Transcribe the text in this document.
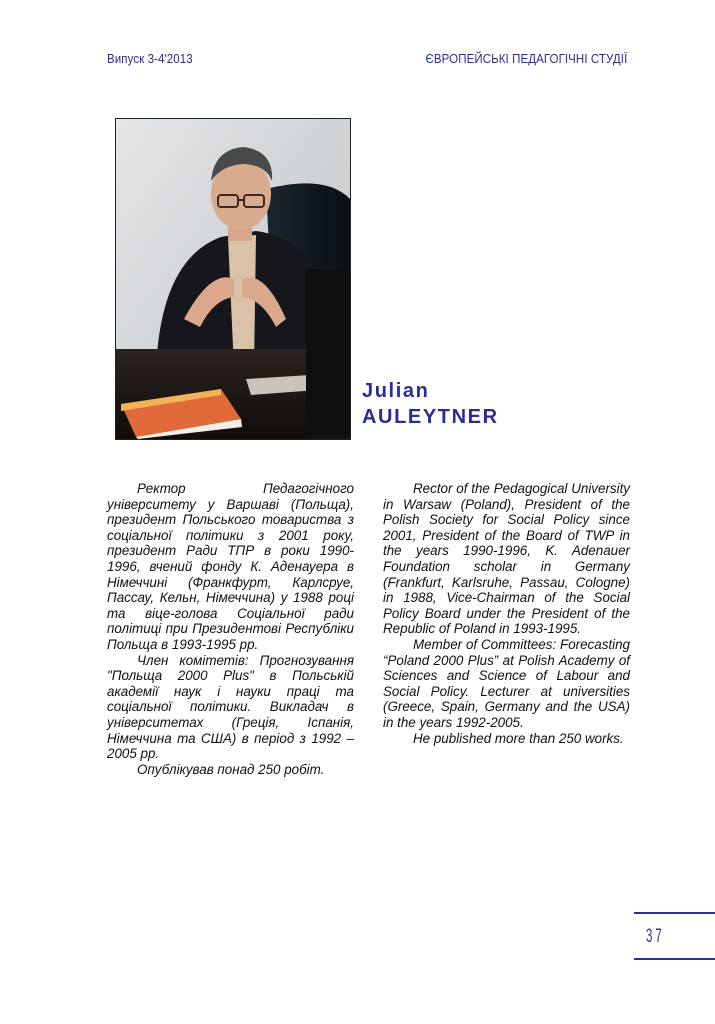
Випуск 3-4'2013	ЄВРОПЕЙСЬКІ ПЕДАГОГІЧНІ СТУДІЇ
Julian
AULEYTNER

Ректор Педагогічного університету у Варшаві (Польща), президент Польського товариства з соціальної політики з 2001 року, президент Ради ТПР в роки 1990-1996, вчений фонду К. Аденауера в Німеччині (Франкфурт, Карлсруе, Пассау, Кельн, Німеччина) у 1988 році та віце-голова Соціальної ради політиці при Президентові Республіки Польща в 1993-1995 рр.

Член комітетів: Прогнозування "Польща 2000 Plus" в Польській академії наук і науки праці та соціальної політики. Викладач в університетах (Греція, Іспанія, Німеччина та США) в період з 1992 – 2005 рр.

Опублікував понад 250 робіт.

Rector of the Pedagogical University in Warsaw (Poland), President of the Polish Society for Social Policy since 2001, President of the Board of TWP in the years 1990-1996, K. Adenauer Foundation scholar in Germany (Frankfurt, Karlsruhe, Passau, Cologne) in 1988, Vice-Chairman of the Social Policy Board under the President of the Republic of Poland in 1993-1995.

Member of Committees: Forecasting “Poland 2000 Plus” at Polish Academy of Sciences and Science of Labour and Social Policy. Lecturer at universities (Greece, Spain, Germany and the USA) in the years 1992-2005.

He published more than 250 works.

37
